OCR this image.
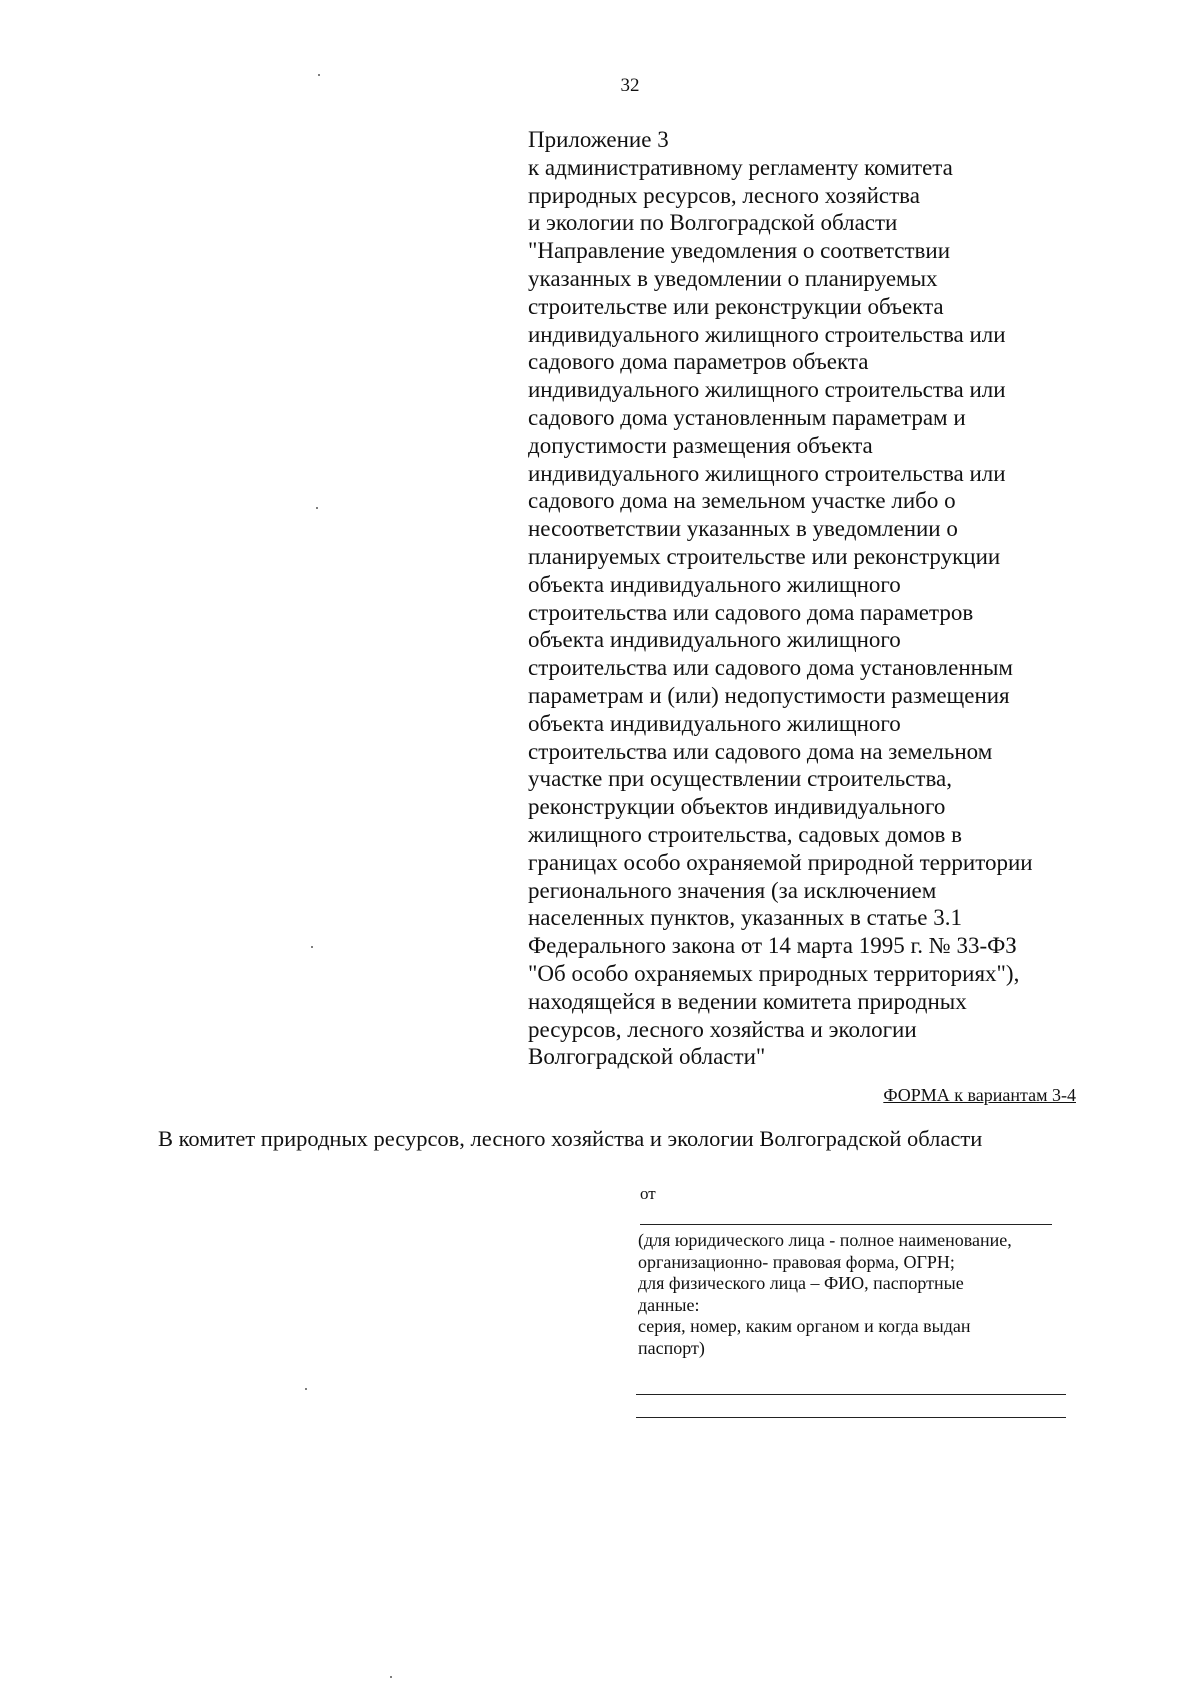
32

Приложение 3
к административному регламенту комитета
природных ресурсов, лесного хозяйства
и экологии по Волгоградской области
"Направление уведомления о соответствии
указанных в уведомлении о планируемых
строительстве или реконструкции объекта
индивидуального жилищного строительства или
садового дома параметров объекта
индивидуального жилищного строительства или
садового дома установленным параметрам и
допустимости размещения объекта
индивидуального жилищного строительства или
садового дома на земельном участке либо о
несоответствии указанных в уведомлении о
планируемых строительстве или реконструкции
объекта индивидуального жилищного
строительства или садового дома параметров
объекта индивидуального жилищного
строительства или садового дома установленным
параметрам и (или) недопустимости размещения
объекта индивидуального жилищного
строительства или садового дома на земельном
участке при осуществлении строительства,
реконструкции объектов индивидуального
жилищного строительства, садовых домов в
границах особо охраняемой природной территории
регионального значения (за исключением
населенных пунктов, указанных в статье 3.1
Федерального закона от 14 марта 1995 г. № 33-ФЗ
"Об особо охраняемых природных территориях"),
находящейся в ведении комитета природных
ресурсов, лесного хозяйства и экологии
Волгоградской области"

ФОРМА к вариантам 3-4

В комитет природных ресурсов, лесного хозяйства и экологии Волгоградской области

от

(для юридического лица - полное наименование,
организационно- правовая форма, ОГРН;
для физического лица – ФИО, паспортные
данные:
серия, номер, каким органом и когда выдан
паспорт)
